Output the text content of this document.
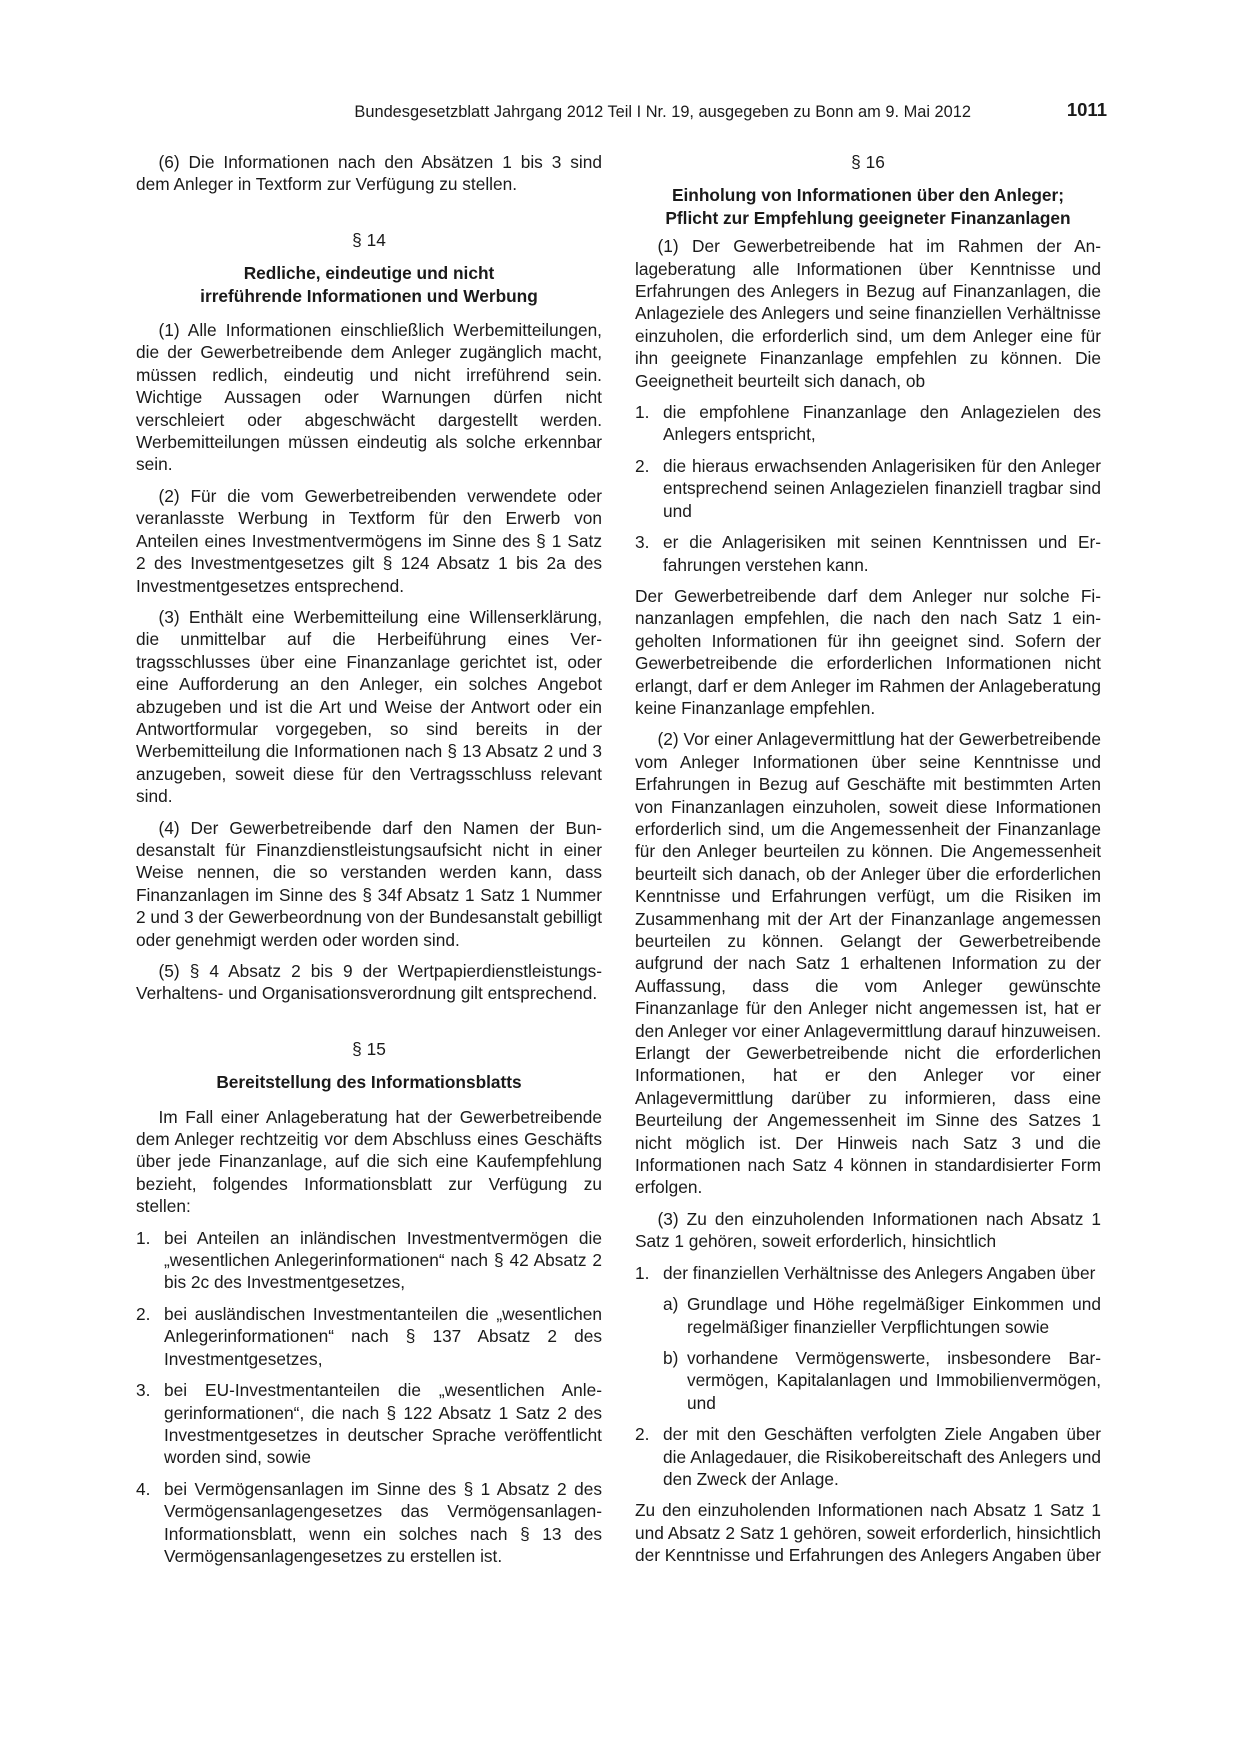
Bundesgesetzblatt Jahrgang 2012 Teil I Nr. 19, ausgegeben zu Bonn am 9. Mai 2012	1011

(6) Die Informationen nach den Absätzen 1 bis 3 sind dem Anleger in Textform zur Verfügung zu stellen.

§ 14

Redliche, eindeutige und nicht

irreführende Informationen und Werbung

(1) Alle Informationen einschließlich Werbemitteilungen, die der Gewerbetreibende dem Anleger zugänglich macht, müssen redlich, eindeutig und nicht irreführend sein. Wichtige Aussagen oder Warnungen dürfen nicht verschleiert oder abgeschwächt dargestellt werden. Werbemitteilungen müssen eindeutig als solche erkennbar sein.

(2) Für die vom Gewerbetreibenden verwendete oder veranlasste Werbung in Textform für den Erwerb von Anteilen eines Investmentvermögens im Sinne des § 1 Satz 2 des Investmentgesetzes gilt § 124 Absatz 1 bis 2a des Investmentgesetzes entsprechend.

(3) Enthält eine Werbemitteilung eine Willenserklärung, die unmittelbar auf die Herbeiführung eines Vertragsschlusses über eine Finanzanlage gerichtet ist, oder eine Aufforderung an den Anleger, ein solches Angebot abzugeben und ist die Art und Weise der Antwort oder ein Antwortformular vorgegeben, so sind bereits in der Werbemitteilung die Informationen nach § 13 Absatz 2 und 3 anzugeben, soweit diese für den Vertragsschluss relevant sind.

(4) Der Gewerbetreibende darf den Namen der Bundesanstalt für Finanzdienstleistungsaufsicht nicht in einer Weise nennen, die so verstanden werden kann, dass Finanzanlagen im Sinne des § 34f Absatz 1 Satz 1 Nummer 2 und 3 der Gewerbeordnung von der Bundesanstalt gebilligt oder genehmigt werden oder worden sind.

(5) § 4 Absatz 2 bis 9 der Wertpapierdienstleistungs-Verhaltens- und Organisationsverordnung gilt entsprechend.

§ 15

Bereitstellung des Informationsblatts

Im Fall einer Anlageberatung hat der Gewerbetreibende dem Anleger rechtzeitig vor dem Abschluss eines Geschäfts über jede Finanzanlage, auf die sich eine Kaufempfehlung bezieht, folgendes Informationsblatt zur Verfügung zu stellen:

1. bei Anteilen an inländischen Investmentvermögen die „wesentlichen Anlegerinformationen“ nach § 42 Absatz 2 bis 2c des Investmentgesetzes,
2. bei ausländischen Investmentanteilen die „wesentlichen Anlegerinformationen“ nach § 137 Absatz 2 des Investmentgesetzes,
3. bei EU-Investmentanteilen die „wesentlichen Anlegerinformationen“, die nach § 122 Absatz 1 Satz 2 des Investmentgesetzes in deutscher Sprache veröffentlicht worden sind, sowie
4. bei Vermögensanlagen im Sinne des § 1 Absatz 2 des Vermögensanlagengesetzes das Vermögensanlagen-Informationsblatt, wenn ein solches nach § 13 des Vermögensanlagengesetzes zu erstellen ist.

§ 16

Einholung von Informationen über den Anleger;

Pflicht zur Empfehlung geeigneter Finanzanlagen

(1) Der Gewerbetreibende hat im Rahmen der Anlageberatung alle Informationen über Kenntnisse und Erfahrungen des Anlegers in Bezug auf Finanzanlagen, die Anlageziele des Anlegers und seine finanziellen Verhältnisse einzuholen, die erforderlich sind, um dem Anleger eine für ihn geeignete Finanzanlage empfehlen zu können. Die Geeignetheit beurteilt sich danach, ob

1. die empfohlene Finanzanlage den Anlagezielen des Anlegers entspricht,
2. die hieraus erwachsenden Anlagerisiken für den Anleger entsprechend seinen Anlagezielen finanziell tragbar sind und
3. er die Anlagerisiken mit seinen Kenntnissen und Erfahrungen verstehen kann.

Der Gewerbetreibende darf dem Anleger nur solche Finanzanlagen empfehlen, die nach den nach Satz 1 eingeholten Informationen für ihn geeignet sind. Sofern der Gewerbetreibende die erforderlichen Informationen nicht erlangt, darf er dem Anleger im Rahmen der Anlageberatung keine Finanzanlage empfehlen.

(2) Vor einer Anlagevermittlung hat der Gewerbetreibende vom Anleger Informationen über seine Kenntnisse und Erfahrungen in Bezug auf Geschäfte mit bestimmten Arten von Finanzanlagen einzuholen, soweit diese Informationen erforderlich sind, um die Angemessenheit der Finanzanlage für den Anleger beurteilen zu können. Die Angemessenheit beurteilt sich danach, ob der Anleger über die erforderlichen Kenntnisse und Erfahrungen verfügt, um die Risiken im Zusammenhang mit der Art der Finanzanlage angemessen beurteilen zu können. Gelangt der Gewerbetreibende aufgrund der nach Satz 1 erhaltenen Information zu der Auffassung, dass die vom Anleger gewünschte Finanzanlage für den Anleger nicht angemessen ist, hat er den Anleger vor einer Anlagevermittlung darauf hinzuweisen. Erlangt der Gewerbetreibende nicht die erforderlichen Informationen, hat er den Anleger vor einer Anlagevermittlung darüber zu informieren, dass eine Beurteilung der Angemessenheit im Sinne des Satzes 1 nicht möglich ist. Der Hinweis nach Satz 3 und die Informationen nach Satz 4 können in standardisierter Form erfolgen.

(3) Zu den einzuholenden Informationen nach Absatz 1 Satz 1 gehören, soweit erforderlich, hinsichtlich

1. der finanziellen Verhältnisse des Anlegers Angaben über
a) Grundlage und Höhe regelmäßiger Einkommen und regelmäßiger finanzieller Verpflichtungen sowie
b) vorhandene Vermögenswerte, insbesondere Barvermögen, Kapitalanlagen und Immobilienvermögen, und
2. der mit den Geschäften verfolgten Ziele Angaben über die Anlagedauer, die Risikobereitschaft des Anlegers und den Zweck der Anlage.

Zu den einzuholenden Informationen nach Absatz 1 Satz 1 und Absatz 2 Satz 1 gehören, soweit erforderlich, hinsichtlich der Kenntnisse und Erfahrungen des Anlegers Angaben über
